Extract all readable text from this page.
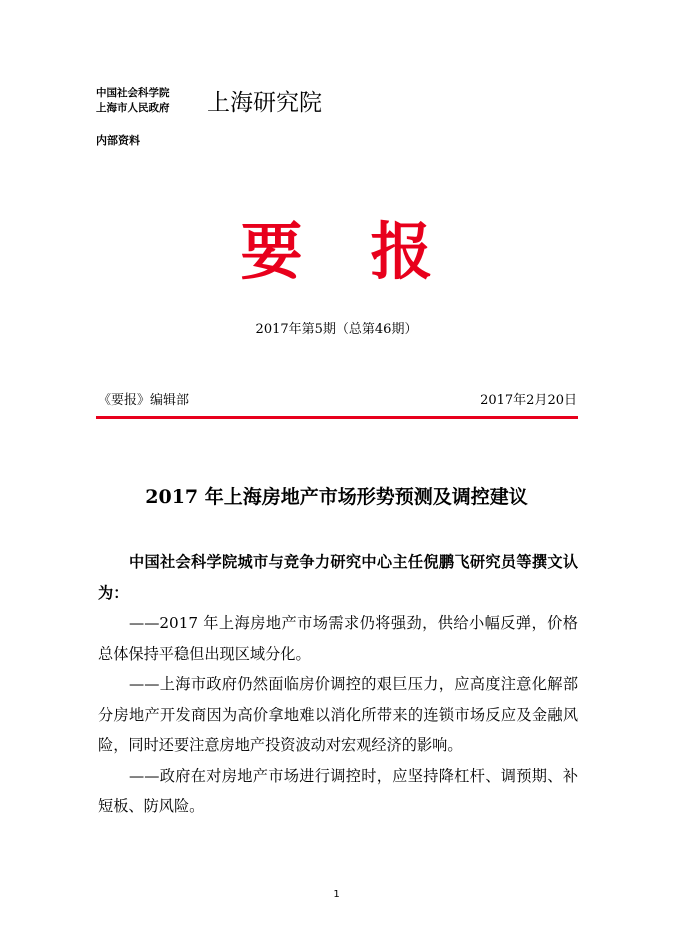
中国社会科学院
上海市人民政府	上海研究院
内部资料
要报
2017年第5期（总第46期）
《要报》编辑部	2017年2月20日
2017 年上海房地产市场形势预测及调控建议

中国社会科学院城市与竞争力研究中心主任倪鹏飞研究员等撰文认为：

——2017 年上海房地产市场需求仍将强劲，供给小幅反弹，价格总体保持平稳但出现区域分化。

——上海市政府仍然面临房价调控的艰巨压力，应高度注意化解部分房地产开发商因为高价拿地难以消化所带来的连锁市场反应及金融风险，同时还要注意房地产投资波动对宏观经济的影响。

——政府在对房地产市场进行调控时，应坚持降杠杆、调预期、补短板、防风险。

1
